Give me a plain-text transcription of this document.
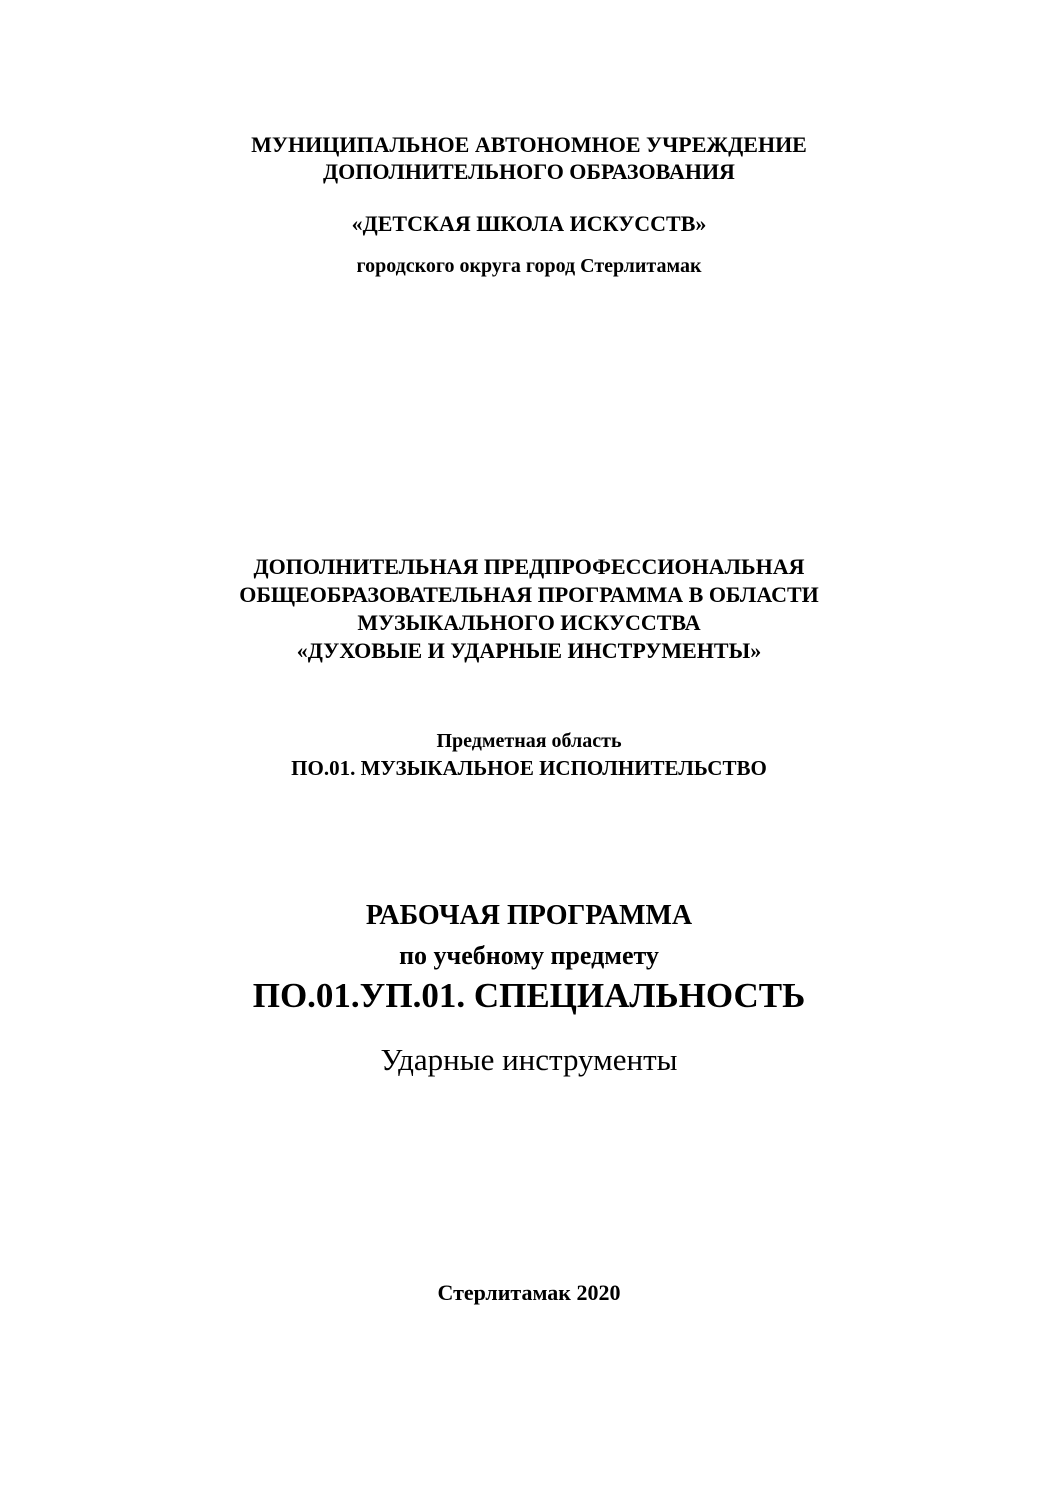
МУНИЦИПАЛЬНОЕ АВТОНОМНОЕ УЧРЕЖДЕНИЕ
ДОПОЛНИТЕЛЬНОГО ОБРАЗОВАНИЯ
«ДЕТСКАЯ ШКОЛА ИСКУССТВ»
городского округа город Стерлитамак
ДОПОЛНИТЕЛЬНАЯ ПРЕДПРОФЕССИОНАЛЬНАЯ
ОБЩЕОБРАЗОВАТЕЛЬНАЯ ПРОГРАММА В ОБЛАСТИ
МУЗЫКАЛЬНОГО ИСКУССТВА
«ДУХОВЫЕ И УДАРНЫЕ ИНСТРУМЕНТЫ»
Предметная область
ПО.01. МУЗЫКАЛЬНОЕ ИСПОЛНИТЕЛЬСТВО
РАБОЧАЯ ПРОГРАММА
по учебному предмету
ПО.01.УП.01. СПЕЦИАЛЬНОСТЬ
Ударные инструменты
Стерлитамак 2020
